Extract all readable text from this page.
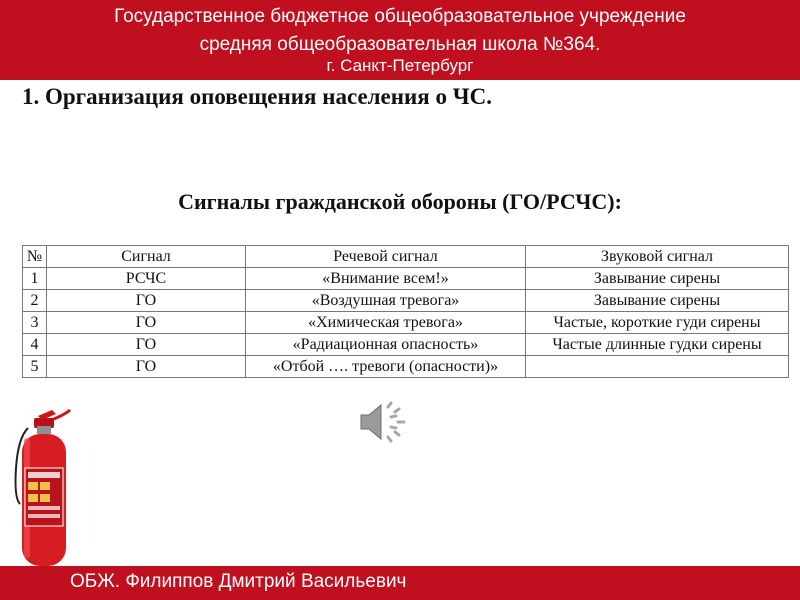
Государственное бюджетное общеобразовательное учреждение
средняя общеобразовательная школа №364.
г. Санкт-Петербург
1. Организация оповещения населения о ЧС.
Сигналы гражданской обороны (ГО/РСЧС):
№	Сигнал	Речевой сигнал	Звуковой сигнал
1	РСЧС	«Внимание всем!»	Завывание сирены
2	ГО	«Воздушная тревога»	Завывание сирены
3	ГО	«Химическая тревога»	Частые, короткие гуди сирены
4	ГО	«Радиационная опасность»	Частые длинные гудки сирены
5	ГО	«Отбой …. тревоги (опасности)»	
ОБЖ. Филиппов Дмитрий Васильевич
